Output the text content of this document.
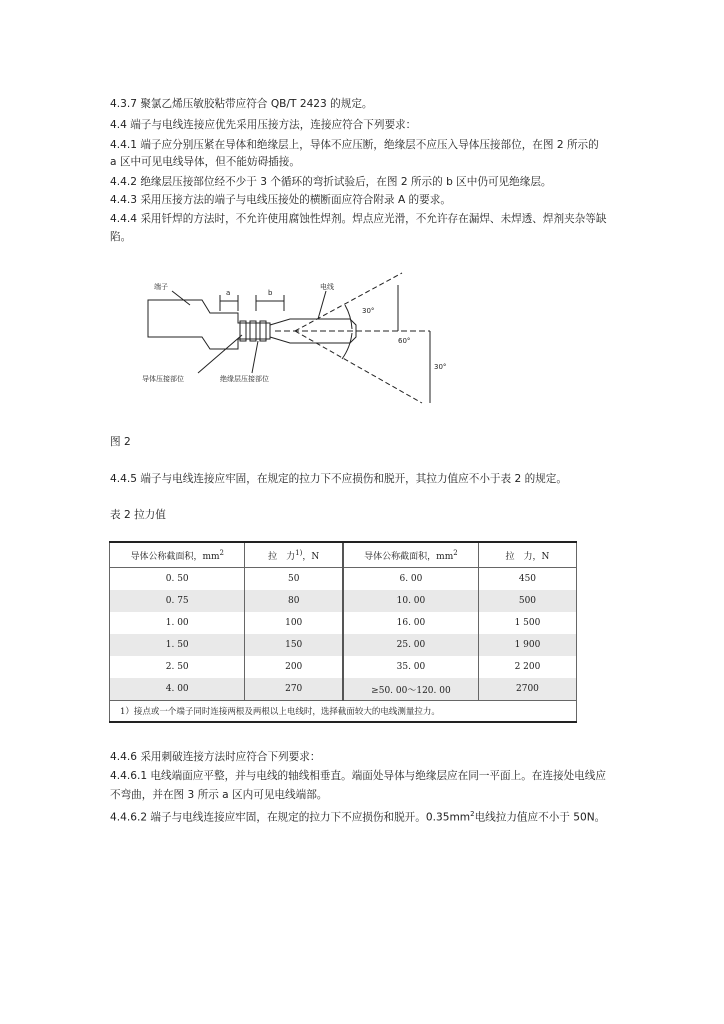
4.3.7 聚氯乙烯压敏胶粘带应符合 QB/T 2423 的规定。
4.4 端子与电线连接应优先采用压接方法，连接应符合下列要求：
4.4.1 端子应分别压紧在导体和绝缘层上，导体不应压断，绝缘层不应压入导体压接部位，在图 2 所示的
a 区中可见电线导体，但不能妨碍插接。
4.4.2 绝缘层压接部位经不少于 3 个循环的弯折试验后，在图 2 所示的 b 区中仍可见绝缘层。
4.4.3 采用压接方法的端子与电线压接处的横断面应符合附录 A 的要求。
4.4.4 采用钎焊的方法时，不允许使用腐蚀性焊剂。焊点应光滑，不允许存在漏焊、未焊透、焊剂夹杂等缺
陷。
端子	电线
a	b
导体压接部位	绝缘层压接部位
30°
60°
30°
图 2
4.4.5 端子与电线连接应牢固，在规定的拉力下不应损伤和脱开，其拉力值应不小于表 2 的规定。
表 2 拉力值
导体公称截面积，$mm^2$	拉　力$^{1)}$，N	导体公称截面积，$mm^2$	拉　力，N
0. 50	50	6. 00	450
0. 75	80	10. 00	500
1. 00	100	16. 00	1 500
1. 50	150	25. 00	1 900
2. 50	200	35. 00	2 200
4. 00	270	≥50. 00～120. 00	2700
1）接点或一个端子同时连接两根及两根以上电线时，选择截面较大的电线测量拉力。			
4.4.6 采用刺破连接方法时应符合下列要求：
4.4.6.1 电线端面应平整，并与电线的轴线相垂直。端面处导体与绝缘层应在同一平面上。在连接处电线应
不弯曲，并在图 3 所示 a 区内可见电线端部。
4.4.6.2 端子与电线连接应牢固，在规定的拉力下不应损伤和脱开。$0.35mm^2$电线拉力值应不小于 50N。
